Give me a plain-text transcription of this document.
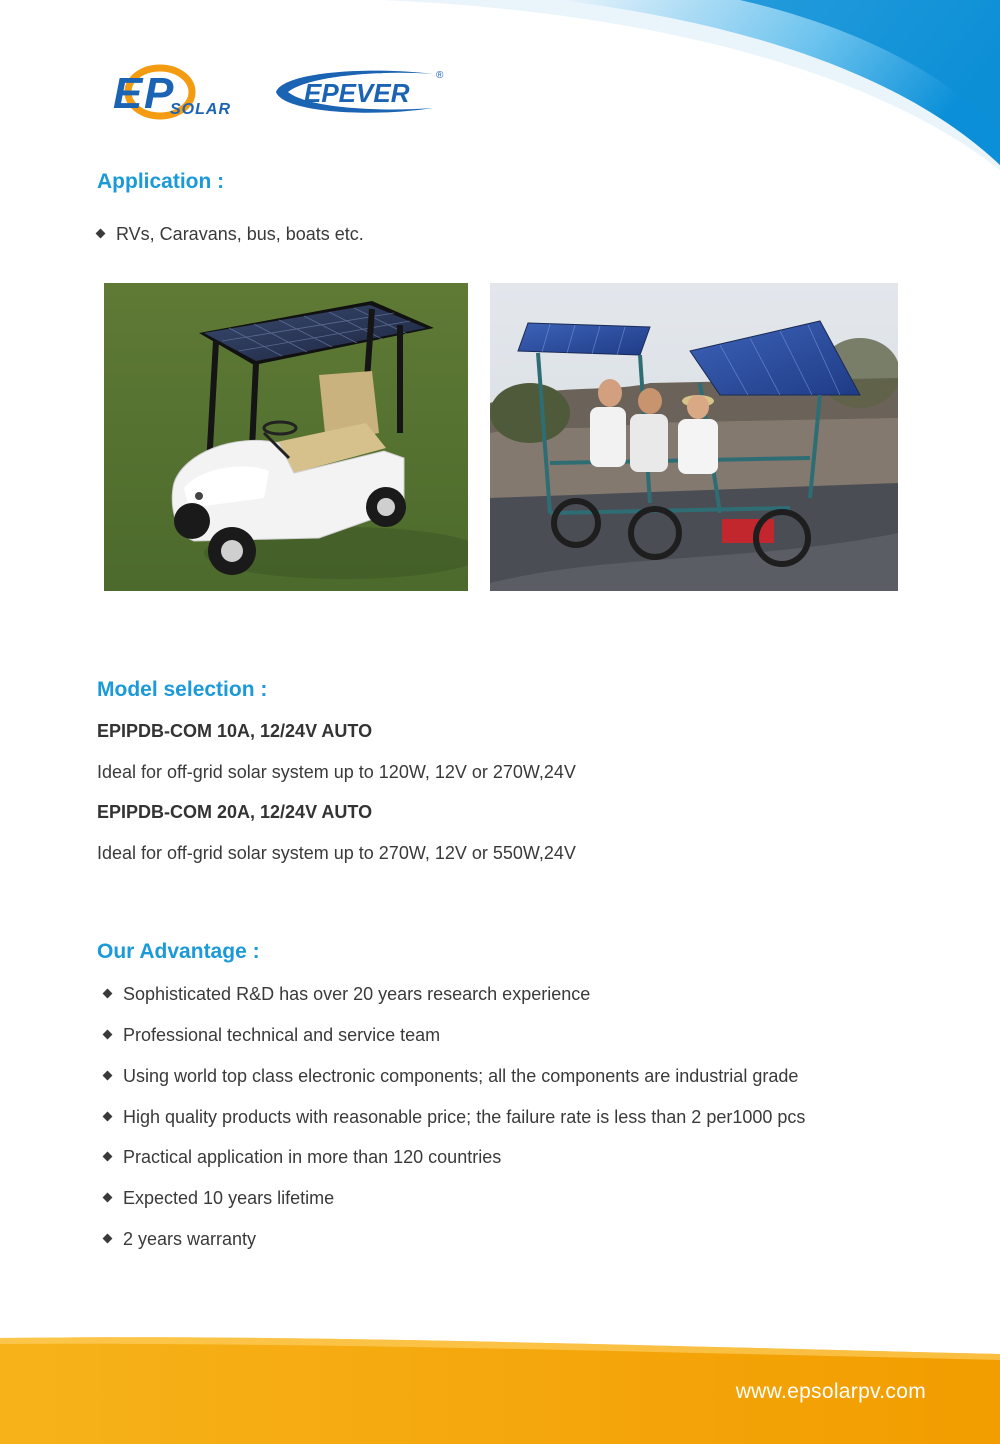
E P
SOLAR
EPEVER
®
Application :
RVs, Caravans, bus, boats etc.
Model selection :
EPIPDB-COM 10A, 12/24V AUTO
Ideal for off-grid solar system up to 120W, 12V or 270W,24V
EPIPDB-COM 20A, 12/24V AUTO
Ideal for off-grid solar system up to 270W, 12V or 550W,24V
Our Advantage :
Sophisticated R&D has over 20 years research experience
Professional technical and service team
Using world top class electronic components; all the components are industrial grade
High quality products with reasonable price; the failure rate is less than 2 per1000 pcs
Practical application in more than 120 countries
Expected 10 years lifetime
2 years warranty
www.epsolarpv.com
